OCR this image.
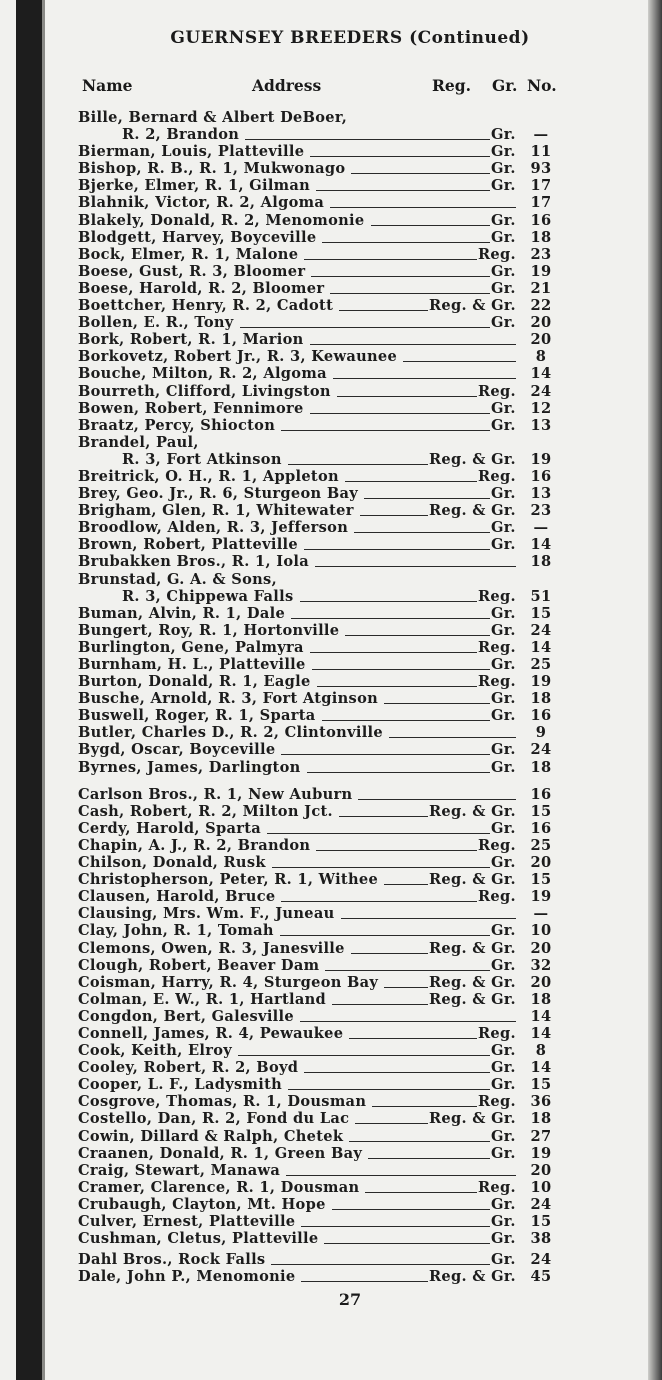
GUERNSEY BREEDERS (Continued)
Name	Address	Reg. Gr. No.
Bille, Bernard & Albert DeBoer,
R. 2, Brandon	Gr.	—
Bierman, Louis, Platteville	Gr.	11
Bishop, R. B., R. 1, Mukwonago	Gr.	93
Bjerke, Elmer, R. 1, Gilman	Gr.	17
Blahnik, Victor, R. 2, Algoma	17
Blakely, Donald, R. 2, Menomonie	Gr.	16
Blodgett, Harvey, Boyceville	Gr.	18
Bock, Elmer, R. 1, Malone	Reg.	23
Boese, Gust, R. 3, Bloomer	Gr.	19
Boese, Harold, R. 2, Bloomer	Gr.	21
Boettcher, Henry, R. 2, Cadott	Reg. & Gr. 22
Bollen, E. R., Tony	Gr.	20
Bork, Robert, R. 1, Marion	20
Borkovetz, Robert Jr., R. 3, Kewaunee	8
Bouche, Milton, R. 2, Algoma	14
Bourreth, Clifford, Livingston	Reg.	24
Bowen, Robert, Fennimore	Gr.	12
Braatz, Percy, Shiocton	Gr.	13
Brandel, Paul,
R. 3, Fort Atkinson	Reg. & Gr. 19
Breitrick, O. H., R. 1, Appleton	Reg.	16
Brey, Geo. Jr., R. 6, Sturgeon Bay	Gr.	13
Brigham, Glen, R. 1, Whitewater	Reg. & Gr. 23
Broodlow, Alden, R. 3, Jefferson	Gr.	—
Brown, Robert, Platteville	Gr.	14
Brubakken Bros., R. 1, Iola	18
Brunstad, G. A. & Sons,
R. 3, Chippewa Falls	Reg.	51
Buman, Alvin, R. 1, Dale	Gr.	15
Bungert, Roy, R. 1, Hortonville	Gr.	24
Burlington, Gene, Palmyra	Reg.	14
Burnham, H. L., Platteville	Gr.	25
Burton, Donald, R. 1, Eagle	Reg.	19
Busche, Arnold, R. 3, Fort Atginson	Gr.	18
Buswell, Roger, R. 1, Sparta	Gr.	16
Butler, Charles D., R. 2, Clintonville	9
Bygd, Oscar, Boyceville	Gr.	24
Byrnes, James, Darlington	Gr.	18
Carlson Bros., R. 1, New Auburn	16
Cash, Robert, R. 2, Milton Jct.	Reg. & Gr. 15
Cerdy, Harold, Sparta	Gr.	16
Chapin, A. J., R. 2, Brandon	Reg.	25
Chilson, Donald, Rusk	Gr.	20
Christopherson, Peter, R. 1, Withee	Reg. & Gr. 15
Clausen, Harold, Bruce	Reg.	19
Clausing, Mrs. Wm. F., Juneau	—
Clay, John, R. 1, Tomah	Gr.	10
Clemons, Owen, R. 3, Janesville	Reg. & Gr. 20
Clough, Robert, Beaver Dam	Gr.	32
Coisman, Harry, R. 4, Sturgeon Bay	Reg. & Gr. 20
Colman, E. W., R. 1, Hartland	Reg. & Gr. 18
Congdon, Bert, Galesville	14
Connell, James, R. 4, Pewaukee	Reg.	14
Cook, Keith, Elroy	Gr.	8
Cooley, Robert, R. 2, Boyd	Gr.	14
Cooper, L. F., Ladysmith	Gr.	15
Cosgrove, Thomas, R. 1, Dousman	Reg.	36
Costello, Dan, R. 2, Fond du Lac	Reg. & Gr. 18
Cowin, Dillard & Ralph, Chetek	Gr.	27
Craanen, Donald, R. 1, Green Bay	Gr.	19
Craig, Stewart, Manawa	20
Cramer, Clarence, R. 1, Dousman	Reg.	10
Crubaugh, Clayton, Mt. Hope	Gr.	24
Culver, Ernest, Platteville	Gr.	15
Cushman, Cletus, Platteville	Gr.	38
Dahl Bros., Rock Falls	Gr.	24
Dale, John P., Menomonie	Reg. & Gr. 45
27
